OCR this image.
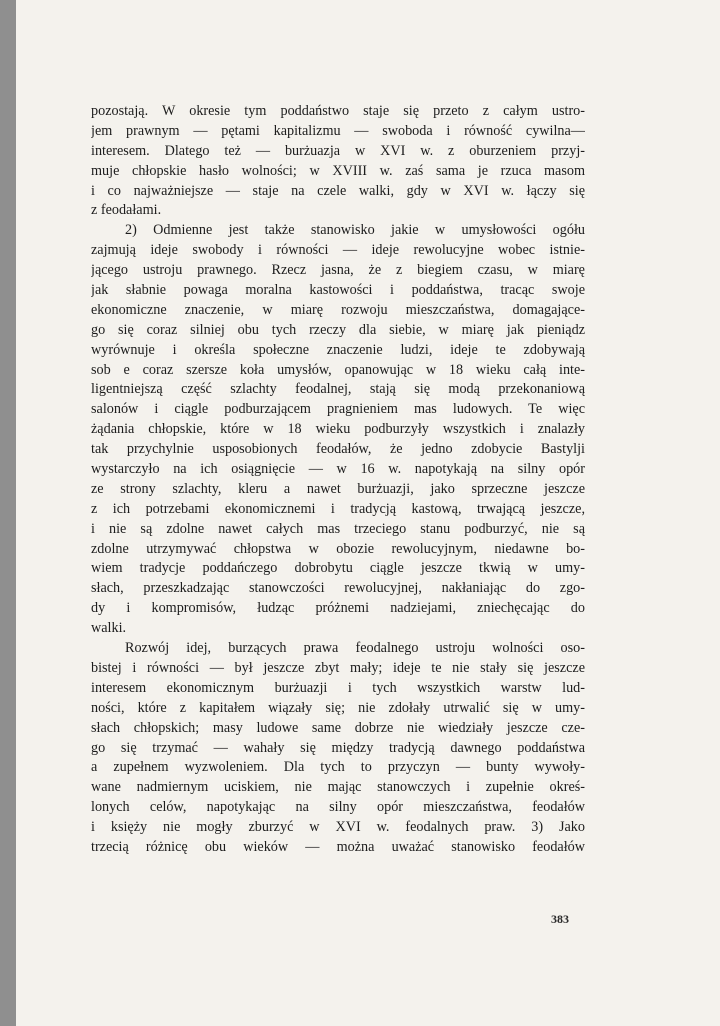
pozostają. W okresie tym poddaństwo staje się przeto z całym ustro-
jem prawnym — pętami kapitalizmu — swoboda i równość cywilna—
interesem. Dlatego też — burżuazja w XVI w. z oburzeniem przyj-
muje chłopskie hasło wolności; w XVIII w. zaś sama je rzuca masom
i co najważniejsze — staje na czele walki, gdy w XVI w. łączy się
z feodałami.
2) Odmienne jest także stanowisko jakie w umysłowości ogółu
zajmują ideje swobody i równości — ideje rewolucyjne wobec istnie-
jącego ustroju prawnego. Rzecz jasna, że z biegiem czasu, w miarę
jak słabnie powaga moralna kastowości i poddaństwa, tracąc swoje
ekonomiczne znaczenie, w miarę rozwoju mieszczaństwa, domagające-
go się coraz silniej obu tych rzeczy dla siebie, w miarę jak pieniądz
wyrównuje i określa społeczne znaczenie ludzi, ideje te zdobywają
sob e coraz szersze koła umysłów, opanowując w 18 wieku całą inte-
ligentniejszą część szlachty feodalnej, stają się modą przekonaniową
salonów i ciągle podburzającem pragnieniem mas ludowych. Te więc
żądania chłopskie, które w 18 wieku podburzyły wszystkich i znalazły
tak przychylnie usposobionych feodałów, że jedno zdobycie Bastylji
wystarczyło na ich osiągnięcie — w 16 w. napotykają na silny opór
ze strony szlachty, kleru a nawet burżuazji, jako sprzeczne jeszcze
z ich potrzebami ekonomicznemi i tradycją kastową, trwającą jeszcze,
i nie są zdolne nawet całych mas trzeciego stanu podburzyć, nie są
zdolne utrzymywać chłopstwa w obozie rewolucyjnym, niedawne bo-
wiem tradycje poddańczego dobrobytu ciągle jeszcze tkwią w umy-
słach, przeszkadzając stanowczości rewolucyjnej, nakłaniając do zgo-
dy i kompromisów, łudząc próżnemi nadziejami, zniechęcając do
walki.
Rozwój idej, burzących prawa feodalnego ustroju wolności oso-
bistej i równości — był jeszcze zbyt mały; ideje te nie stały się jeszcze
interesem ekonomicznym burżuazji i tych wszystkich warstw lud-
ności, które z kapitałem wiązały się; nie zdołały utrwalić się w umy-
słach chłopskich; masy ludowe same dobrze nie wiedziały jeszcze cze-
go się trzymać — wahały się między tradycją dawnego poddaństwa
a zupełnem wyzwoleniem. Dla tych to przyczyn — bunty wywoły-
wane nadmiernym uciskiem, nie mając stanowczych i zupełnie okreś-
lonych celów, napotykając na silny opór mieszczaństwa, feodałów
i księży nie mogły zburzyć w XVI w. feodalnych praw. 3) Jako
trzecią różnicę obu wieków — można uważać stanowisko feodałów
383
